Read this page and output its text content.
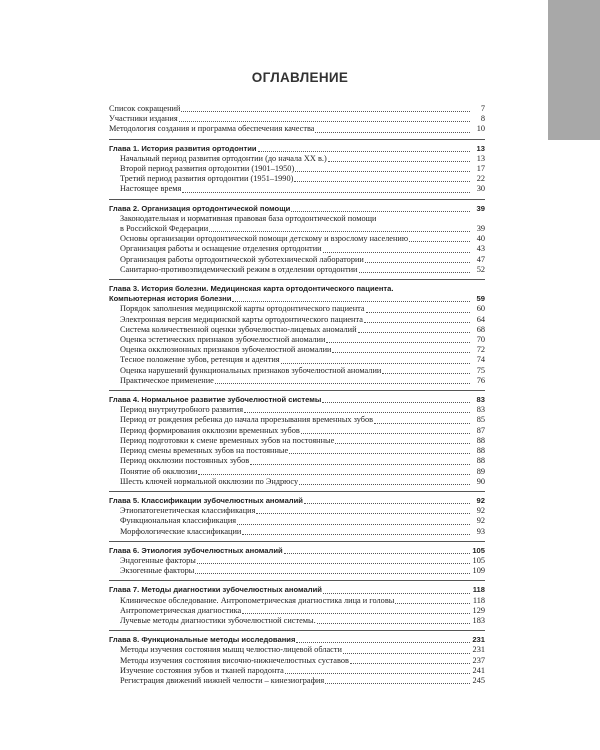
ОГЛАВЛЕНИЕ
Список сокращений	7
Участники издания	8
Методология создания и программа обеспечения качества	10
Глава 1. История развития ортодонтии	13
Начальный период развития ортодонтии (до начала XX в.)	13
Второй период развития ортодонтии (1901–1950)	17
Третий период развития ортодонтии (1951–1990)	22
Настоящее время	30
Глава 2. Организация ортодонтической помощи	39
Законодательная и нормативная правовая база ортодонтической помощи
в Российской Федерации	39
Основы организации ортодонтической помощи детскому и взрослому населению	40
Организация работы и оснащение отделения ортодонтии	43
Организация работы ортодонтической зуботехнической лаборатории	47
Санитарно-противоэпидемический режим в отделении ортодонтии	52
Глава 3. История болезни. Медицинская карта ортодонтического пациента.
Компьютерная история болезни	59
Порядок заполнения медицинской карты ортодонтического пациента	60
Электронная версия медицинской карты ортодонтического пациента	64
Система количественной оценки зубочелюстно-лицевых аномалий	68
Оценка эстетических признаков зубочелюстной аномалии	70
Оценка окклюзионных признаков зубочелюстной аномалии	72
Тесное положение зубов, ретенция и адентия	74
Оценка нарушений функциональных признаков зубочелюстной аномалии	75
Практическое применение	76
Глава 4. Нормальное развитие зубочелюстной системы	83
Период внутриутробного развития	83
Период от рождения ребенка до начала прорезывания временных зубов	85
Период формирования окклюзии временных зубов	87
Период подготовки к смене временных зубов на постоянные	88
Период смены временных зубов на постоянные	88
Период окклюзии постоянных зубов	88
Понятие об окклюзии	89
Шесть ключей нормальной окклюзии по Эндрюсу	90
Глава 5. Классификации зубочелюстных аномалий	92
Этиопатогенетическая классификация	92
Функциональная классификация	92
Морфологические классификации	93
Глава 6. Этиология зубочелюстных аномалий	105
Эндогенные факторы	105
Экзогенные факторы	109
Глава 7. Методы диагностики зубочелюстных аномалий	118
Клиническое обследование. Антропометрическая диагностика лица и головы	118
Антропометрическая диагностика	129
Лучевые методы диагностики зубочелюстной системы.	183
Глава 8. Функциональные методы исследования	231
Методы изучения состояния мышц челюстно-лицевой области	231
Методы изучения состояния височно-нижнечелюстных суставов	237
Изучение состояния зубов и тканей пародонта	241
Регистрация движений нижней челюсти – кинезиография	245
